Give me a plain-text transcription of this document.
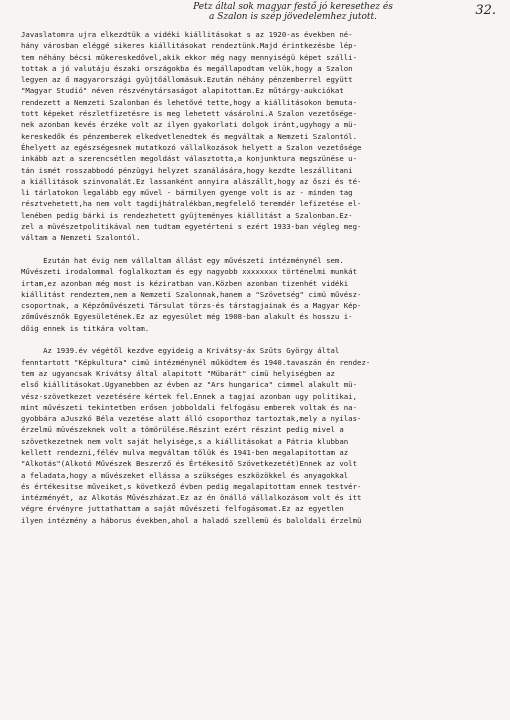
Petz által sok magyar festő jó keresethez és
a Szalon is szép jövedelemhez jutott.	32.
Javaslatomra ujra elkezdtük a vidéki kiállitásokat s az 1920-as években né-
hány városban eléggé sikeres kiállitásokat rendeztünk.Majd érintkezésbe lép-
tem néhány bécsi mükereskedővel,akik ekkor még nagy mennyiségü képet szálli-
tottak a jó valutáju északi országokba és megállapodtam velük,hogy a Szalon
legyen az ő magyarországi gyüjtőállomásuk.Ezután néhány pénzemberrel együtt
"Magyar Studió" néven részvénytársaságot alapitottam.Ez műtárgy-aukciókat
rendezett a Nemzeti Szalonban és lehetővé tette,hogy a kiállitásokon bemuta-
tott képeket részletfizetésre is meg lehetett vásárolni.A Szalon vezetősége-
nek azonban kevés érzéke volt az ilyen gyakorlati dolgok iránt,ugyhogy a mü-
kereskedők és pénzemberek elkedvetlenedtek és megváltak a Nemzeti Szalontól.
Éhelyett az egészségesnek mutatkozó vállalkozások helyett a Szalon vezetősége
inkább azt a szerencsétlen megoldást választotta,a konjunktura megszünése u-
tán ismét rosszabbodó pénzügyi helyzet szanálására,hogy kezdte leszállitani
a kiállitások szinvonalát.Ez lassanként annyira alászállt,hogy az őszi és té-
li tárlatokon legalább egy művel - bármilyen gyenge volt is az - minden tag
résztvehetett,ha nem volt tagdijhátralékban,megfelelő teremdér lefizetése el-
lenében pedig bárki is rendezhetett gyüjteményes kiállitást a Szalonban.Ez-
zel a müvészetpolitikával nem tudtam egyetérteni s ezért 1933-ban végleg meg-
váltam a Nemzeti Szalontól.
Ezután hat évig nem vállaltam állást egy művészeti intézménynél sem.
Művészeti irodalommal foglalkoztam és egy nagyobb xxxxxxxx történelmi munkát
irtam,ez azonban még most is kéziratban van.Közben azonban tizenhét vidéki
kiállitást rendeztem,nem a Nemzeti Szalonnak,hanem a "Szövetség" cimü művész-
csoportnak, a Képzőművészeti Társulat törzs-és társtagjainak és a Magyar Kép-
zőművésznők Egyesületének.Ez az egyesület még 1908-ban alakult és hosszu i-
dőig ennek is titkára voltam.
Az 1939.év végétől kezdve egyideig a Krivátsy-áx Szüts György által
fenntartott "Képkultura" cimü intézménynél működtem és 1940.tavaszán én rendez-
tem az ugyancsak Krivátsy által alapitott "Mübarát" cimü helyiségben az
első kiállitásokat.Ugyanebben az évben az "Ars hungarica" cimmel alakult mü-
vész-szövetkezet vezetésére kértek fel.Ennek a tagjai azonban ugy politikai,
mint művészeti tekintetben erősen jobboldali felfogásu emberek voltak és na-
gyobbára aJuszkó Béla vezetése alatt álló csoporthoz tartoztak,mely a nyilas-
érzelmü müvészeknek volt a tömörülése.Részint ezért részint pedig mivel a
szövetkezetnek nem volt saját helyisége,s a kiállitásokat a Pátria klubban
kellett rendezni,félév mulva megváltam tőlük és 1941-ben megalapitottam az
"Alkotás"(Alkotó Művészek Beszerző és Értékesitő Szövetkezetét)Ennek az volt
a feladata,hogy a művészeket ellássa a szükséges eszközökkel és anyagokkal
és értékesitse műveiket,s következő évben pedig megalapitottam ennek testvér-
intézményét, az Alkotás Művészházat.Ez az én önálló vállalkozásom volt és itt
végre érvényre juttathattam a saját művészeti felfogásomat.Ez az egyetlen
ilyen intézmény a háborus években,ahol a haladó szellemü és baloldali érzelmü
